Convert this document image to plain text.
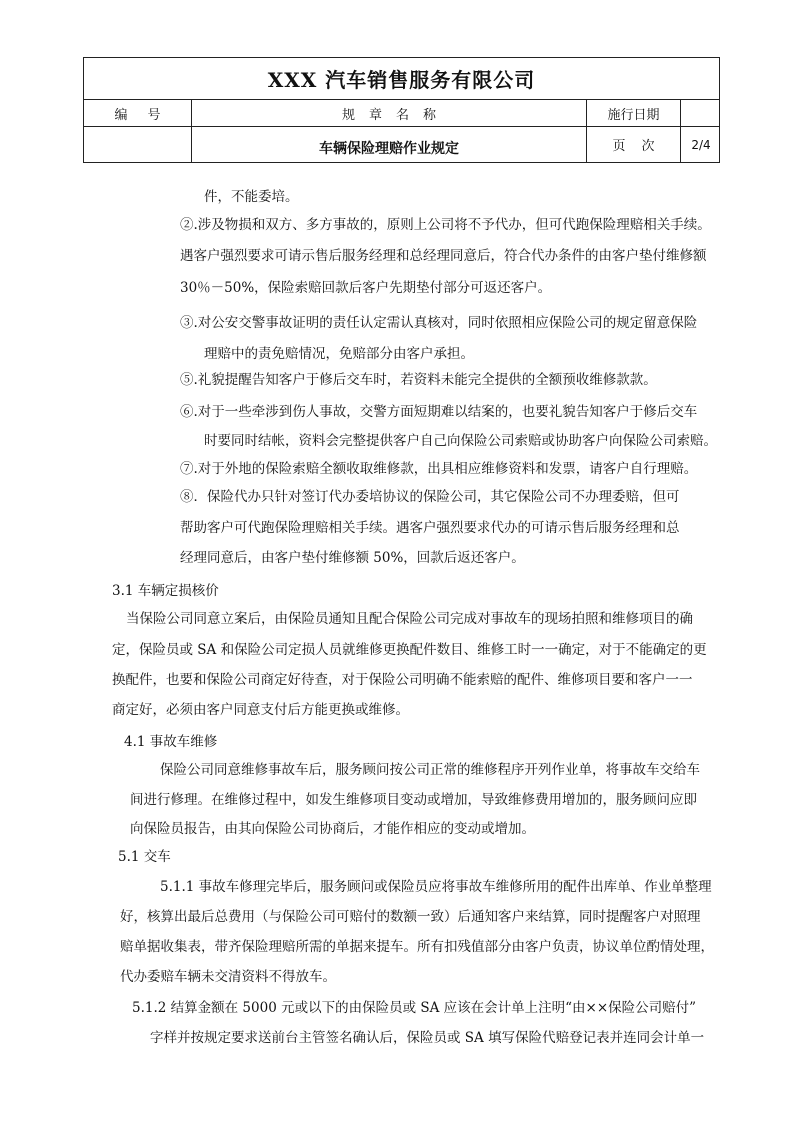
XXX 汽车销售服务有限公司
编号	规章名称	施行日期
车辆保险理赔作业规定	页次	2/4
件，不能委培。
②.涉及物损和双方、多方事故的，原则上公司将不予代办，但可代跑保险理赔相关手续。
遇客户强烈要求可请示售后服务经理和总经理同意后，符合代办条件的由客户垫付维修额
30％－50%，保险索赔回款后客户先期垫付部分可返还客户。
③.对公安交警事故证明的责任认定需认真核对，同时依照相应保险公司的规定留意保险
理赔中的责免赔情况，免赔部分由客户承担。
⑤.礼貌提醒告知客户于修后交车时，若资料未能完全提供的全额预收维修款款。
⑥.对于一些牵涉到伤人事故，交警方面短期难以结案的，也要礼貌告知客户于修后交车
时要同时结帐，资料会完整提供客户自己向保险公司索赔或协助客户向保险公司索赔。
⑦.对于外地的保险索赔全额收取维修款，出具相应维修资料和发票，请客户自行理赔。
⑧．保险代办只针对签订代办委培协议的保险公司，其它保险公司不办理委赔，但可
帮助客户可代跑保险理赔相关手续。遇客户强烈要求代办的可请示售后服务经理和总
经理同意后，由客户垫付维修额 50%，回款后返还客户。
3.1 车辆定损核价
当保险公司同意立案后，由保险员通知且配合保险公司完成对事故车的现场拍照和维修项目的确
定，保险员或 SA 和保险公司定损人员就维修更换配件数目、维修工时一一确定，对于不能确定的更
换配件，也要和保险公司商定好待查，对于保险公司明确不能索赔的配件、维修项目要和客户一一
商定好，必须由客户同意支付后方能更换或维修。
4.1 事故车维修
保险公司同意维修事故车后，服务顾问按公司正常的维修程序开列作业单，将事故车交给车
间进行修理。在维修过程中，如发生维修项目变动或增加，导致维修费用增加的，服务顾问应即
向保险员报告，由其向保险公司协商后，才能作相应的变动或增加。
5.1 交车
5.1.1 事故车修理完毕后，服务顾问或保险员应将事故车维修所用的配件出库单、作业单整理
好，核算出最后总费用（与保险公司可赔付的数额一致）后通知客户来结算，同时提醒客户对照理
赔单据收集表，带齐保险理赔所需的单据来提车。所有扣残值部分由客户负责，协议单位酌情处理，
代办委赔车辆未交清资料不得放车。
5.1.2 结算金额在 5000 元或以下的由保险员或 SA 应该在会计单上注明“由××保险公司赔付”
字样并按规定要求送前台主管签名确认后，保险员或 SA 填写保险代赔登记表并连同会计单一
